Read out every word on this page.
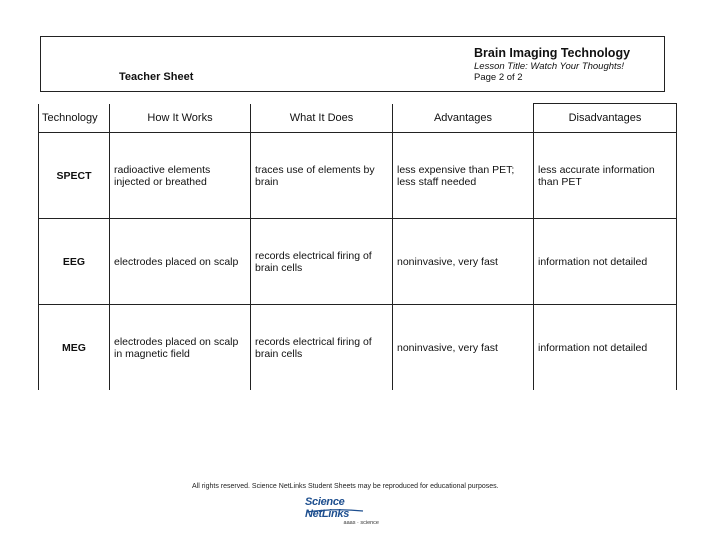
Teacher Sheet
Brain Imaging Technology
Lesson Title: Watch Your Thoughts!
Page 2 of 2
Technology	How It Works	What It Does	Advantages	Disadvantages
SPECT	radioactive elements injected or breathed	traces use of elements by brain	less expensive than PET; less staff needed	less accurate information than PET
EEG	electrodes placed on scalp	records electrical firing of brain cells	noninvasive, very fast	information not detailed
MEG	electrodes placed on scalp in magnetic field	records electrical firing of brain cells	noninvasive, very fast	information not detailed
All rights reserved. Science NetLinks Student Sheets may be reproduced for educational purposes.
Science NetLinks
aaas · science
